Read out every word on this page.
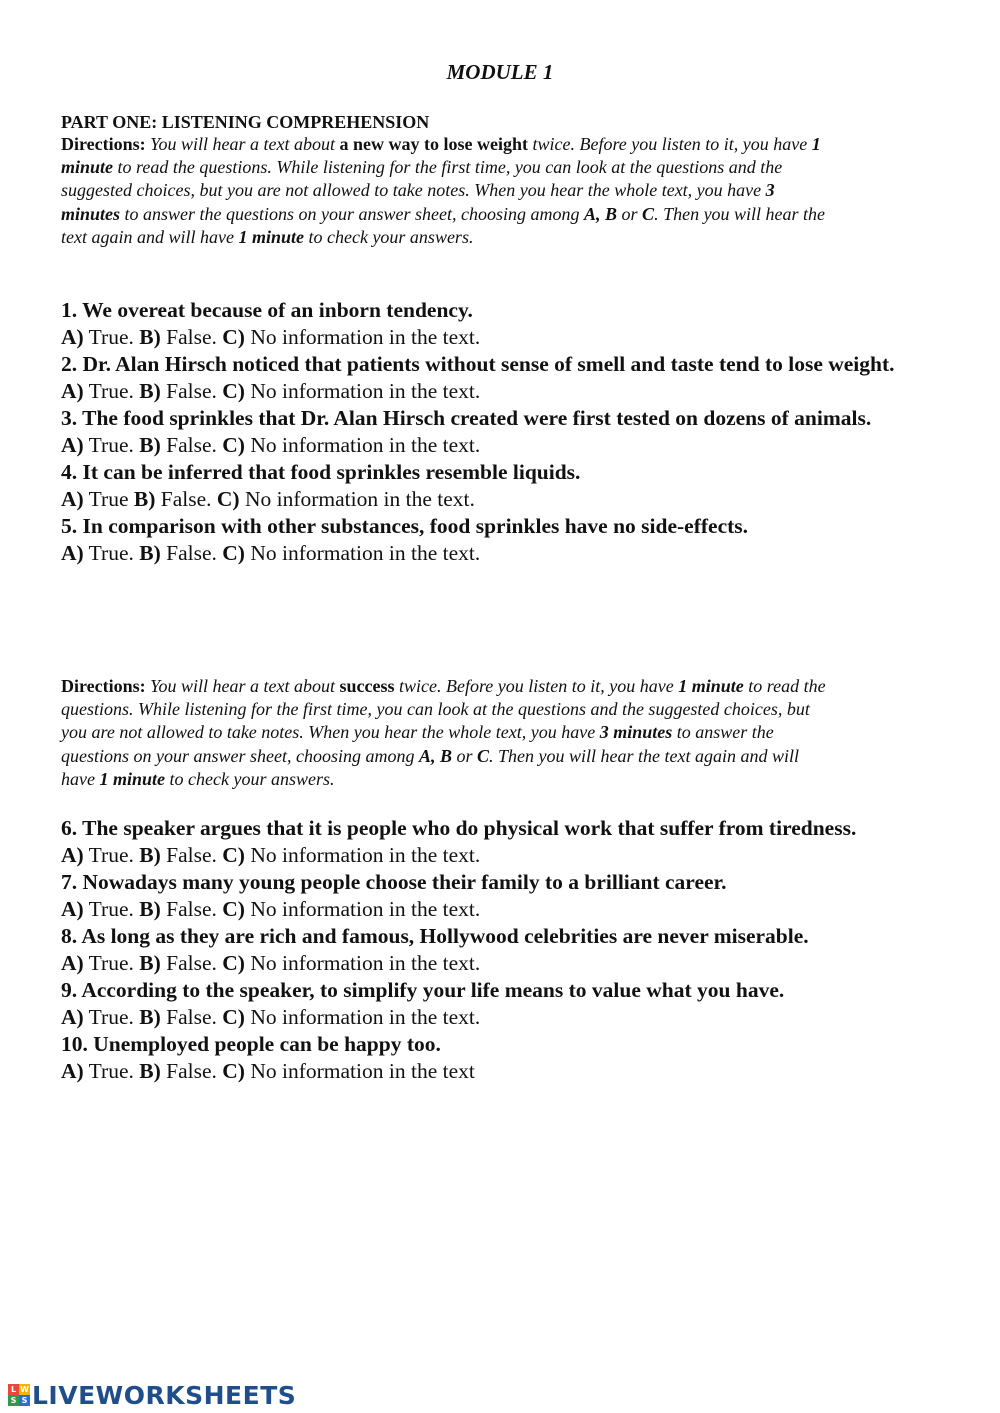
MODULE 1
PART ONE: LISTENING COMPREHENSION
Directions: You will hear a text about a new way to lose weight twice. Before you listen to it, you have 1 minute to read the questions. While listening for the first time, you can look at the questions and the suggested choices, but you are not allowed to take notes. When you hear the whole text, you have 3 minutes to answer the questions on your answer sheet, choosing among A, B or C. Then you will hear the text again and will have 1 minute to check your answers.
1. We overeat because of an inborn tendency.
A) True. B) False. C) No information in the text.
2. Dr. Alan Hirsch noticed that patients without sense of smell and taste tend to lose weight.
A) True. B) False. C) No information in the text.
3. The food sprinkles that Dr. Alan Hirsch created were first tested on dozens of animals.
A) True. B) False. C) No information in the text.
4. It can be inferred that food sprinkles resemble liquids.
A) True B) False. C) No information in the text.
5. In comparison with other substances, food sprinkles have no side-effects.
A) True. B) False. C) No information in the text.
Directions: You will hear a text about success twice. Before you listen to it, you have 1 minute to read the questions. While listening for the first time, you can look at the questions and the suggested choices, but you are not allowed to take notes. When you hear the whole text, you have 3 minutes to answer the questions on your answer sheet, choosing among A, B or C. Then you will hear the text again and will have 1 minute to check your answers.
6. The speaker argues that it is people who do physical work that suffer from tiredness.
A) True. B) False. C) No information in the text.
7. Nowadays many young people choose their family to a brilliant career.
A) True. B) False. C) No information in the text.
8. As long as they are rich and famous, Hollywood celebrities are never miserable.
A) True. B) False. C) No information in the text.
9. According to the speaker, to simplify your life means to value what you have.
A) True. B) False. C) No information in the text.
10. Unemployed people can be happy too.
A) True. B) False. C) No information in the text
L W
S S LIVEWORKSHEETS
